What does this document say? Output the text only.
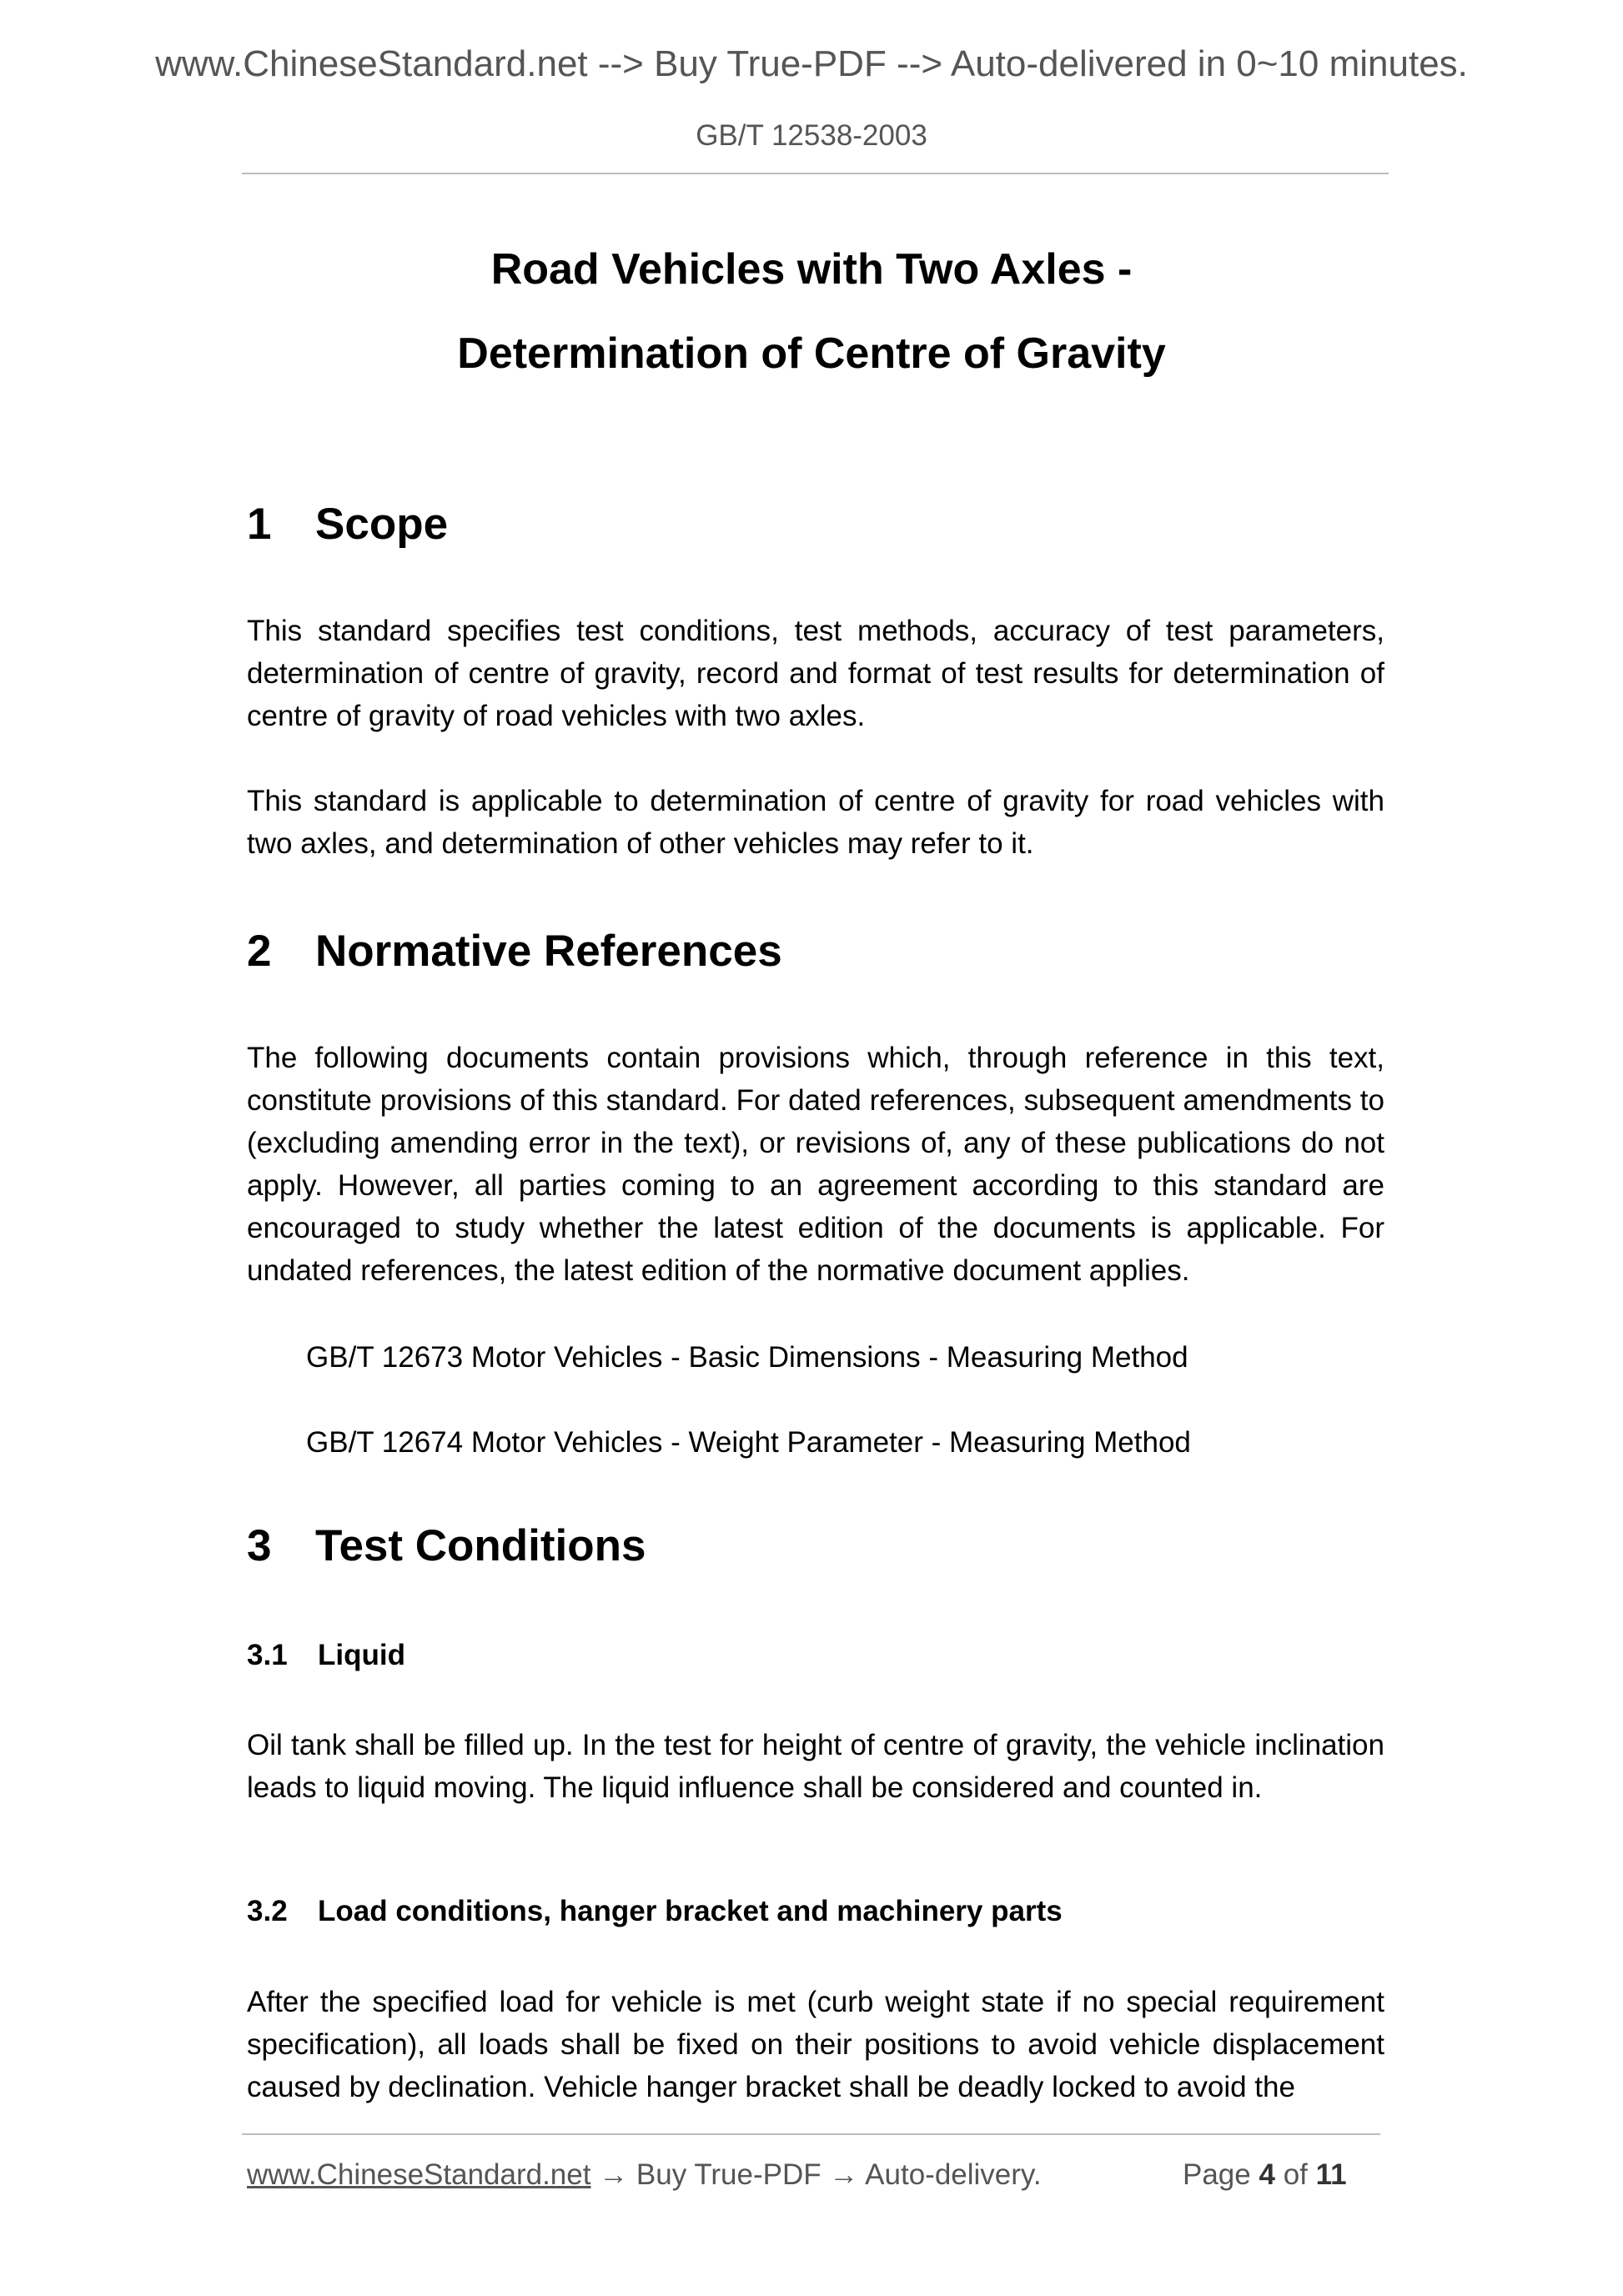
www.ChineseStandard.net --> Buy True-PDF --> Auto-delivered in 0~10 minutes.
GB/T 12538-2003
Road Vehicles with Two Axles -
Determination of Centre of Gravity
1 Scope
This standard specifies test conditions, test methods, accuracy of test parameters, determination of centre of gravity, record and format of test results for determination of centre of gravity of road vehicles with two axles.
This standard is applicable to determination of centre of gravity for road vehicles with two axles, and determination of other vehicles may refer to it.
2 Normative References
The following documents contain provisions which, through reference in this text, constitute provisions of this standard. For dated references, subsequent amendments to (excluding amending error in the text), or revisions of, any of these publications do not apply. However, all parties coming to an agreement according to this standard are encouraged to study whether the latest edition of the documents is applicable. For undated references, the latest edition of the normative document applies.
GB/T 12673 Motor Vehicles - Basic Dimensions - Measuring Method
GB/T 12674 Motor Vehicles - Weight Parameter - Measuring Method
3 Test Conditions
3.1 Liquid
Oil tank shall be filled up. In the test for height of centre of gravity, the vehicle inclination leads to liquid moving. The liquid influence shall be considered and counted in.
3.2 Load conditions, hanger bracket and machinery parts
After the specified load for vehicle is met (curb weight state if no special requirement specification), all loads shall be fixed on their positions to avoid vehicle displacement caused by declination. Vehicle hanger bracket shall be deadly locked to avoid the
www.ChineseStandard.net → Buy True-PDF → Auto-delivery.	Page 4 of 11
